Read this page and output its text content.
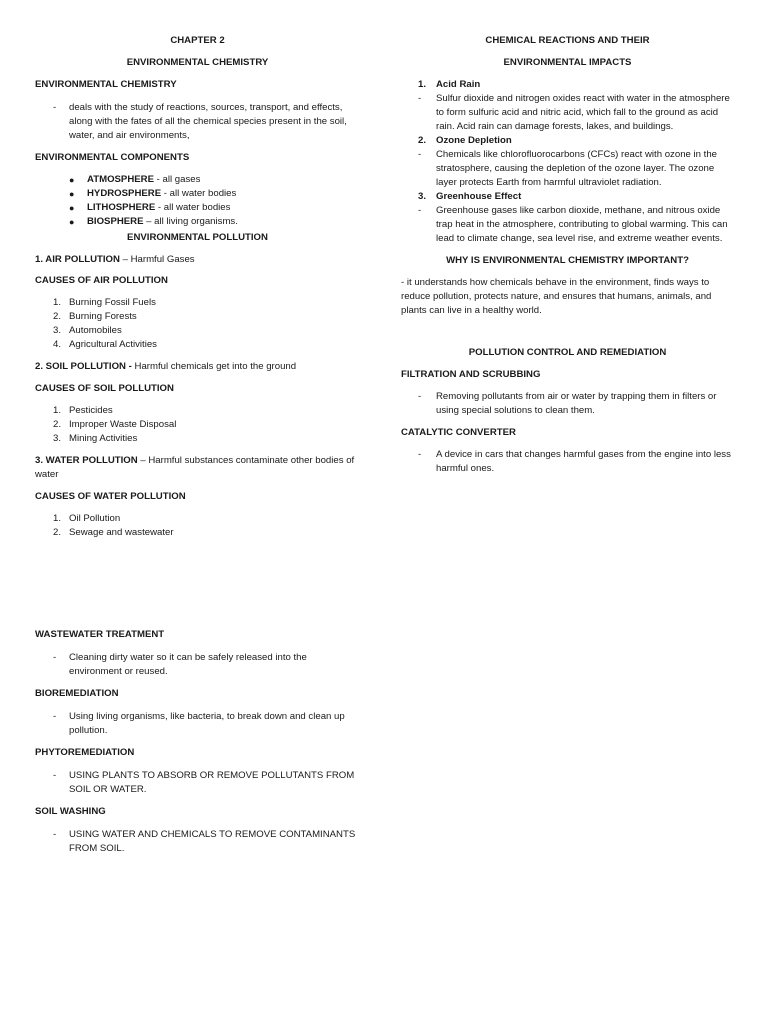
CHAPTER 2

ENVIRONMENTAL CHEMISTRY

ENVIRONMENTAL CHEMISTRY

-	deals with the study of reactions, sources, transport, and effects, along with the fates of all the chemical species present in the soil, water, and air environments,

ENVIRONMENTAL COMPONENTS

●	ATMOSPHERE - all gases
●	HYDROSPHERE - all water bodies
●	LITHOSPHERE - all water bodies
●	BIOSPHERE – all living organisms.

ENVIRONMENTAL POLLUTION

1. AIR POLLUTION – Harmful Gases

CAUSES OF AIR POLLUTION

1. Burning Fossil Fuels
2. Burning Forests
3. Automobiles
4. Agricultural Activities

2. SOIL POLLUTION - Harmful chemicals get into the ground

CAUSES OF SOIL POLLUTION

1. Pesticides
2. Improper Waste Disposal
3. Mining Activities

3. WATER POLLUTION – Harmful substances contaminate other bodies of water

CAUSES OF WATER POLLUTION

1. Oil Pollution
2. Sewage and wastewater

WASTEWATER TREATMENT

-	Cleaning dirty water so it can be safely released into the environment or reused.

BIOREMEDIATION

-	Using living organisms, like bacteria, to break down and clean up pollution.

PHYTOREMEDIATION

-	USING PLANTS TO ABSORB OR REMOVE POLLUTANTS FROM SOIL OR WATER.

SOIL WASHING

-	USING WATER AND CHEMICALS TO REMOVE CONTAMINANTS FROM SOIL.

CHEMICAL REACTIONS AND THEIR

ENVIRONMENTAL IMPACTS

1.	Acid Rain
-	Sulfur dioxide and nitrogen oxides react with water in the atmosphere to form sulfuric acid and nitric acid, which fall to the ground as acid rain. Acid rain can damage forests, lakes, and buildings.
2.	Ozone Depletion
-	Chemicals like chlorofluorocarbons (CFCs) react with ozone in the stratosphere, causing the depletion of the ozone layer. The ozone layer protects Earth from harmful ultraviolet radiation.
3.	Greenhouse Effect
-	Greenhouse gases like carbon dioxide, methane, and nitrous oxide trap heat in the atmosphere, contributing to global warming. This can lead to climate change, sea level rise, and extreme weather events.

WHY IS ENVIRONMENTAL CHEMISTRY IMPORTANT?

- it understands how chemicals behave in the environment, finds ways to reduce pollution, protects nature, and ensures that humans, animals, and plants can live in a healthy world.

POLLUTION CONTROL AND REMEDIATION

FILTRATION AND SCRUBBING

-	Removing pollutants from air or water by trapping them in filters or using special solutions to clean them.

CATALYTIC CONVERTER

-	A device in cars that changes harmful gases from the engine into less harmful ones.
